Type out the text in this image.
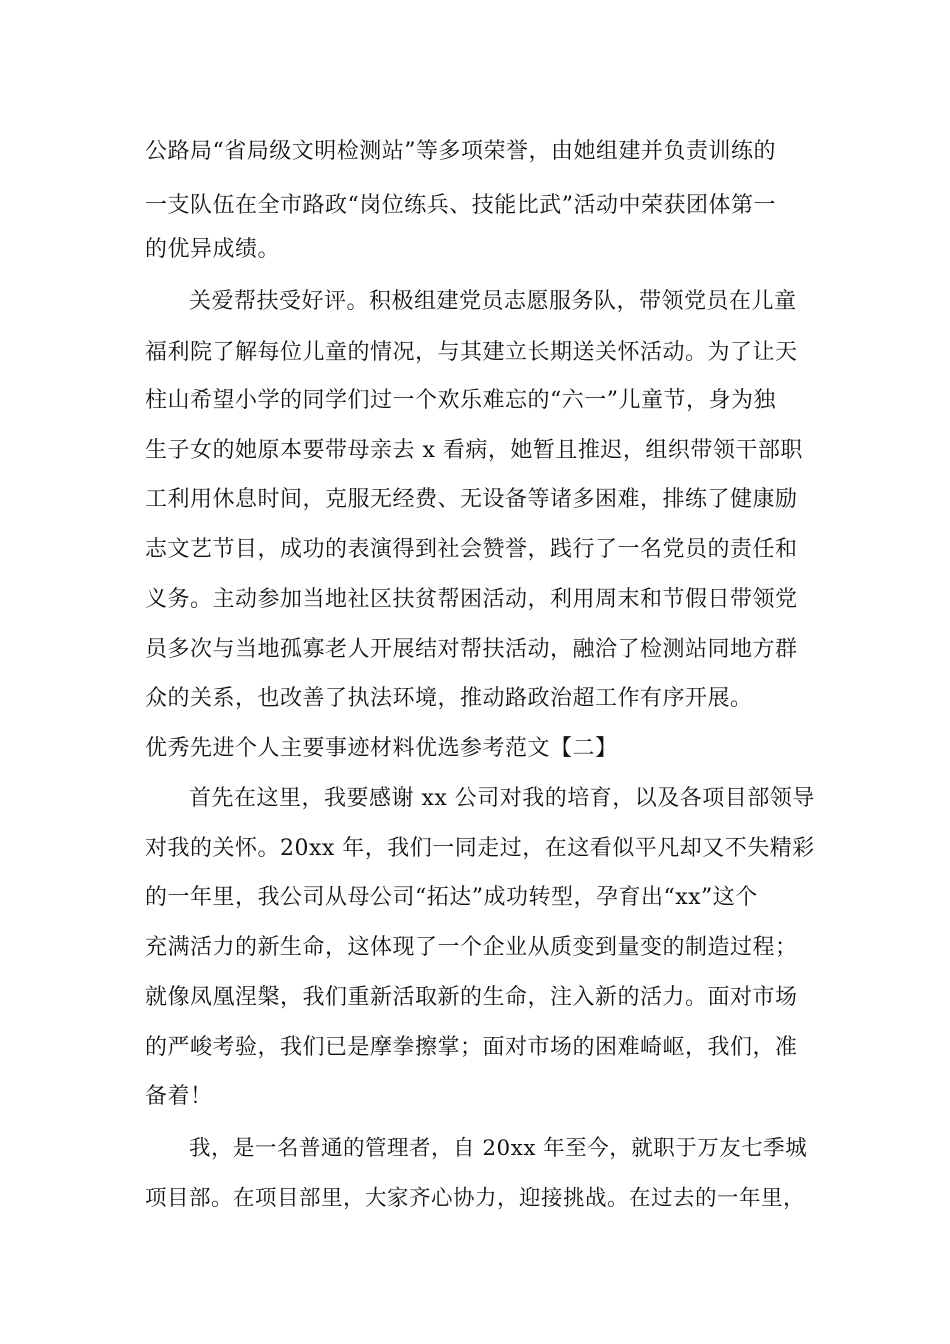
公路局“省局级文明检测站”等多项荣誉，由她组建并负责训练的
一支队伍在全市路政“岗位练兵、技能比武”活动中荣获团体第一
的优异成绩。
关爱帮扶受好评。积极组建党员志愿服务队，带领党员在儿童
福利院了解每位儿童的情况，与其建立长期送关怀活动。为了让天
柱山希望小学的同学们过一个欢乐难忘的“六一”儿童节，身为独
生子女的她原本要带母亲去 x 看病，她暂且推迟，组织带领干部职
工利用休息时间，克服无经费、无设备等诸多困难，排练了健康励
志文艺节目，成功的表演得到社会赞誉，践行了一名党员的责任和
义务。主动参加当地社区扶贫帮困活动，利用周末和节假日带领党
员多次与当地孤寡老人开展结对帮扶活动，融洽了检测站同地方群
众的关系，也改善了执法环境，推动路政治超工作有序开展。
优秀先进个人主要事迹材料优选参考范文【二】
首先在这里，我要感谢 xx 公司对我的培育，以及各项目部领导
对我的关怀。20xx 年，我们一同走过，在这看似平凡却又不失精彩
的一年里，我公司从母公司“拓达”成功转型，孕育出“xx”这个
充满活力的新生命，这体现了一个企业从质变到量变的制造过程；
就像凤凰涅槃，我们重新活取新的生命，注入新的活力。面对市场
的严峻考验，我们已是摩拳擦掌；面对市场的困难崎岖，我们，准
备着！
我，是一名普通的管理者，自 20xx 年至今，就职于万友七季城
项目部。在项目部里，大家齐心协力，迎接挑战。在过去的一年里，
